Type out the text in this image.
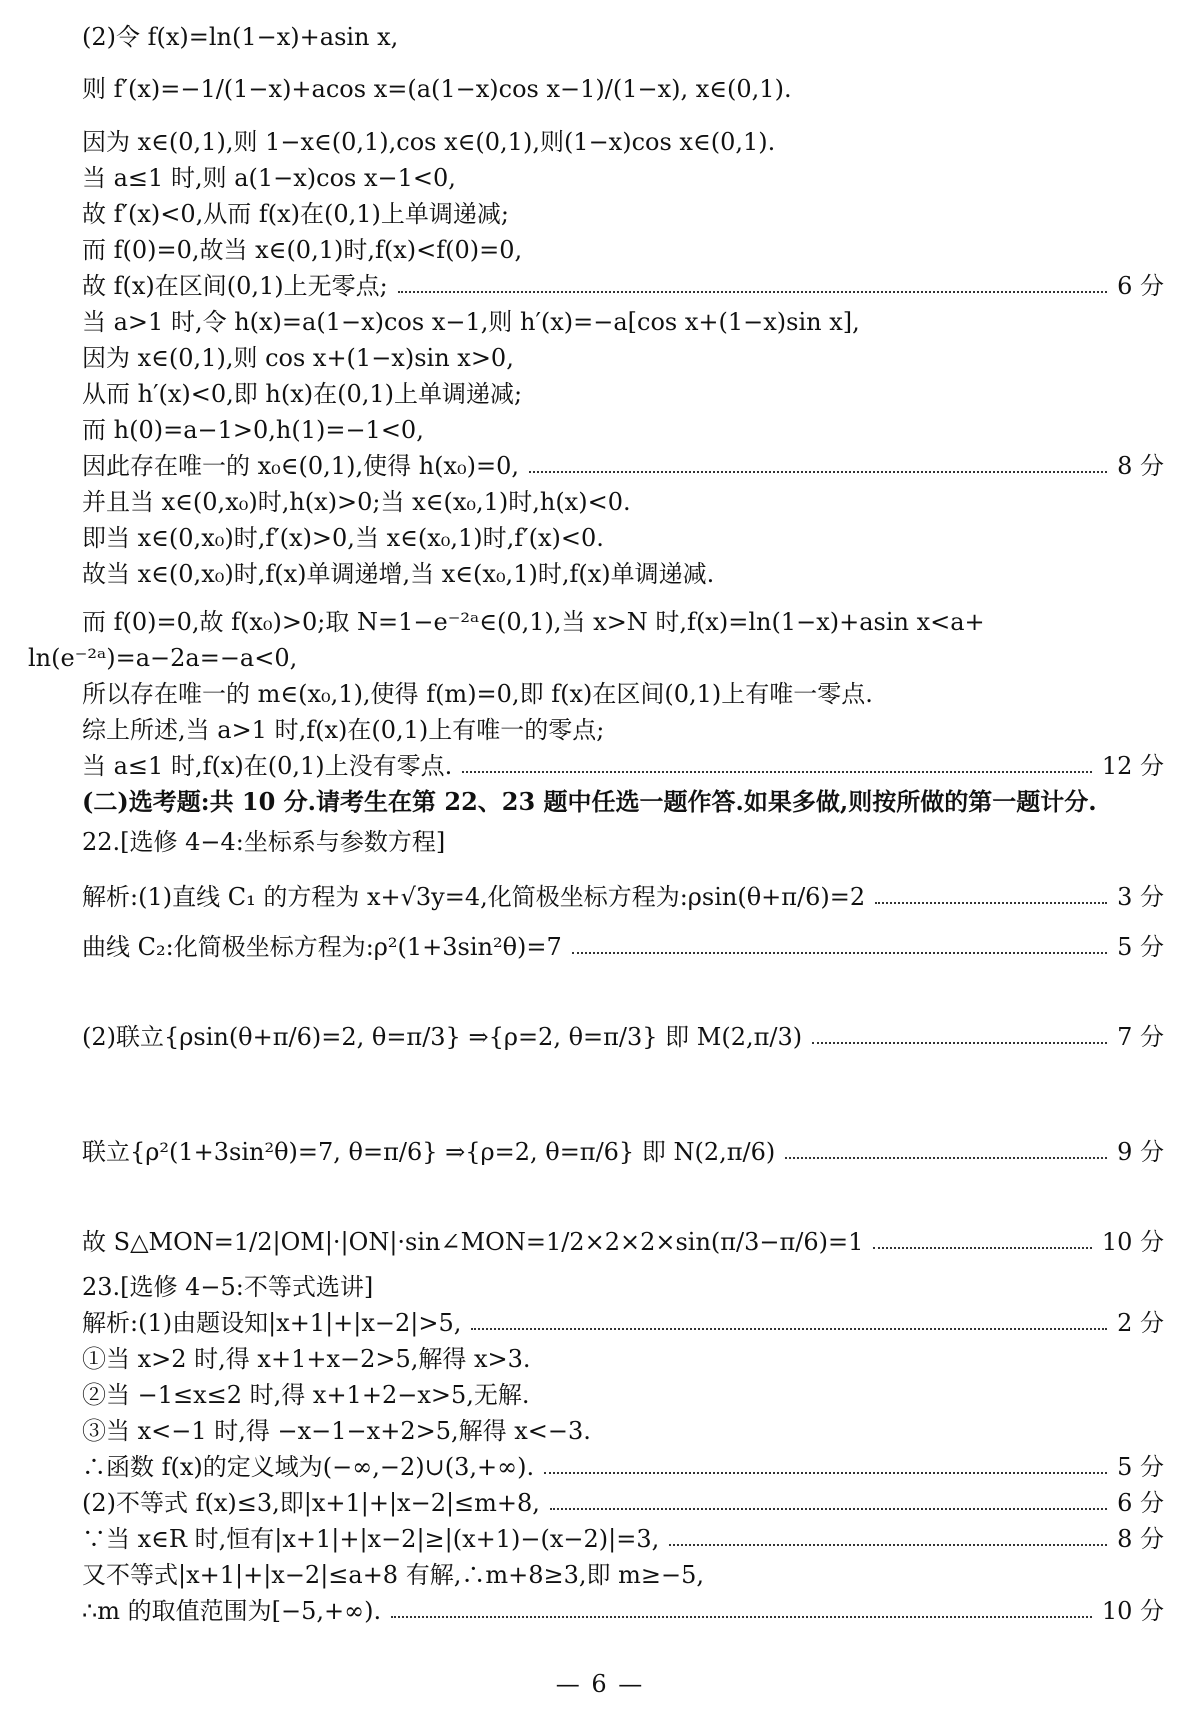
(2)令 f(x)=ln(1−x)+asin x,
则 f′(x)=−1/(1−x)+acos x=(a(1−x)cos x−1)/(1−x), x∈(0,1).
因为 x∈(0,1),则 1−x∈(0,1),cos x∈(0,1),则(1−x)cos x∈(0,1).
当 a≤1 时,则 a(1−x)cos x−1<0,
故 f′(x)<0,从而 f(x)在(0,1)上单调递减;
而 f(0)=0,故当 x∈(0,1)时,f(x)<f(0)=0,
故 f(x)在区间(0,1)上无零点;	6 分
当 a>1 时,令 h(x)=a(1−x)cos x−1,则 h′(x)=−a[cos x+(1−x)sin x],
因为 x∈(0,1),则 cos x+(1−x)sin x>0,
从而 h′(x)<0,即 h(x)在(0,1)上单调递减;
而 h(0)=a−1>0,h(1)=−1<0,
因此存在唯一的 x₀∈(0,1),使得 h(x₀)=0,	8 分
并且当 x∈(0,x₀)时,h(x)>0;当 x∈(x₀,1)时,h(x)<0.
即当 x∈(0,x₀)时,f′(x)>0,当 x∈(x₀,1)时,f′(x)<0.
故当 x∈(0,x₀)时,f(x)单调递增,当 x∈(x₀,1)时,f(x)单调递减.
而 f(0)=0,故 f(x₀)>0;取 N=1−e⁻²ᵃ∈(0,1),当 x>N 时,f(x)=ln(1−x)+asin x<a+
ln(e⁻²ᵃ)=a−2a=−a<0,
所以存在唯一的 m∈(x₀,1),使得 f(m)=0,即 f(x)在区间(0,1)上有唯一零点.
综上所述,当 a>1 时,f(x)在(0,1)上有唯一的零点;
当 a≤1 时,f(x)在(0,1)上没有零点.	12 分
(二)选考题:共 10 分.请考生在第 22、23 题中任选一题作答.如果多做,则按所做的第一题计分.
22.[选修 4−4:坐标系与参数方程]
解析:(1)直线 C₁ 的方程为 x+√3y=4,化简极坐标方程为:ρsin(θ+π/6)=2	3 分
曲线 C₂:化简极坐标方程为:ρ²(1+3sin²θ)=7	5 分
(2)联立{ρsin(θ+π/6)=2, θ=π/3} ⇒{ρ=2, θ=π/3} 即 M(2,π/3)	7 分
联立{ρ²(1+3sin²θ)=7, θ=π/6} ⇒{ρ=2, θ=π/6} 即 N(2,π/6)	9 分
故 S△MON=1/2|OM|·|ON|·sin∠MON=1/2×2×2×sin(π/3−π/6)=1	10 分
23.[选修 4−5:不等式选讲]
解析:(1)由题设知|x+1|+|x−2|>5,	2 分
①当 x>2 时,得 x+1+x−2>5,解得 x>3.
②当 −1≤x≤2 时,得 x+1+2−x>5,无解.
③当 x<−1 时,得 −x−1−x+2>5,解得 x<−3.
∴函数 f(x)的定义域为(−∞,−2)∪(3,+∞).	5 分
(2)不等式 f(x)≤3,即|x+1|+|x−2|≤m+8,	6 分
∵当 x∈R 时,恒有|x+1|+|x−2|≥|(x+1)−(x−2)|=3,	8 分
又不等式|x+1|+|x−2|≤a+8 有解,∴m+8≥3,即 m≥−5,
∴m 的取值范围为[−5,+∞).	10 分
— 6 —
